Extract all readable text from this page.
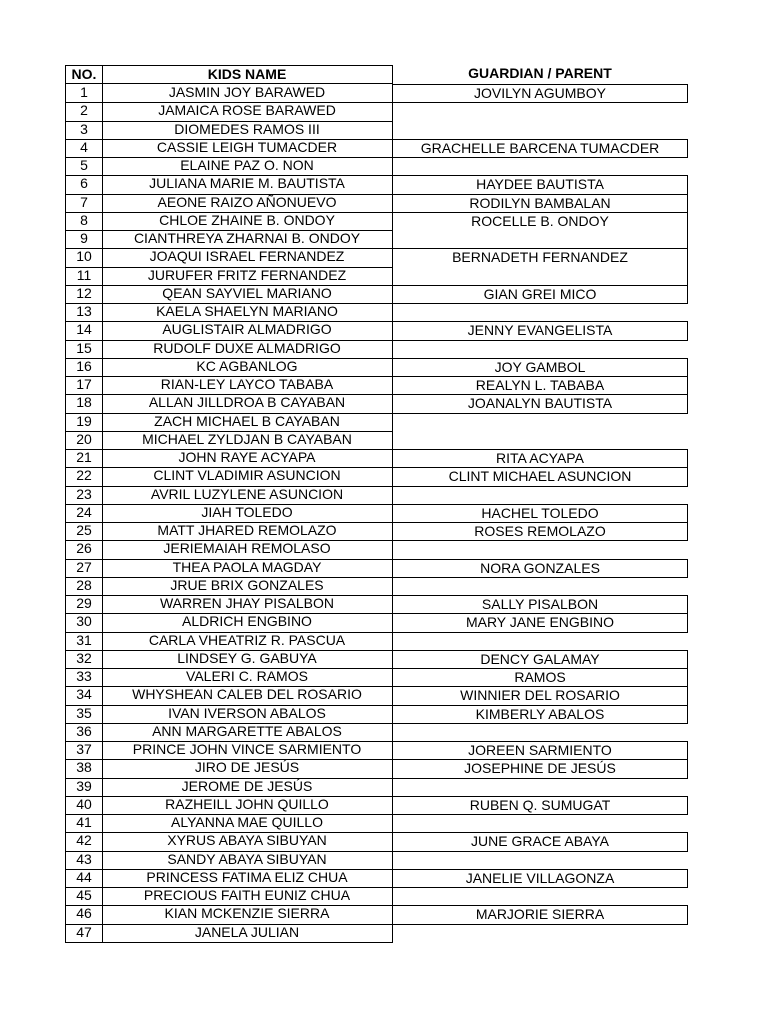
NO.	KIDS NAME	GUARDIAN / PARENT
1	JASMIN JOY BARAWED	JOVILYN AGUMBOY
2	JAMAICA ROSE BARAWED
3	DIOMEDES RAMOS III
4	CASSIE LEIGH TUMACDER	GRACHELLE BARCENA TUMACDER
5	ELAINE PAZ O. NON
6	JULIANA MARIE M. BAUTISTA	HAYDEE BAUTISTA
7	AEONE RAIZO AÑONUEVO	RODILYN BAMBALAN
8	CHLOE ZHAINE B. ONDOY	ROCELLE B. ONDOY
9	CIANTHREYA ZHARNAI B. ONDOY
10	JOAQUI ISRAEL FERNANDEZ	BERNADETH FERNANDEZ
11	JURUFER FRITZ FERNANDEZ
12	QEAN SAYVIEL MARIANO	GIAN GREI MICO
13	KAELA SHAELYN MARIANO
14	AUGLISTAIR ALMADRIGO	JENNY EVANGELISTA
15	RUDOLF DUXE ALMADRIGO
16	KC AGBANLOG	JOY GAMBOL
17	RIAN-LEY LAYCO TABABA	REALYN L. TABABA
18	ALLAN JILLDROA B CAYABAN	JOANALYN BAUTISTA
19	ZACH MICHAEL B CAYABAN
20	MICHAEL ZYLDJAN B CAYABAN
21	JOHN RAYE ACYAPA	RITA ACYAPA
22	CLINT VLADIMIR ASUNCION	CLINT MICHAEL ASUNCION
23	AVRIL LUZYLENE ASUNCION
24	JIAH TOLEDO	HACHEL TOLEDO
25	MATT JHARED REMOLAZO	ROSES REMOLAZO
26	JERIEMAIAH REMOLASO
27	THEA PAOLA MAGDAY	NORA GONZALES
28	JRUE BRIX GONZALES
29	WARREN JHAY PISALBON	SALLY PISALBON
30	ALDRICH ENGBINO	MARY JANE ENGBINO
31	CARLA VHEATRIZ R. PASCUA
32	LINDSEY G. GABUYA	DENCY GALAMAY
33	VALERI C. RAMOS	RAMOS
34	WHYSHEAN CALEB DEL ROSARIO	WINNIER DEL ROSARIO
35	IVAN IVERSON ABALOS	KIMBERLY ABALOS
36	ANN MARGARETTE ABALOS
37	PRINCE JOHN VINCE SARMIENTO	JOREEN SARMIENTO
38	JIRO DE JESÚS	JOSEPHINE DE JESÚS
39	JEROME DE JESÚS
40	RAZHEILL JOHN QUILLO	RUBEN Q. SUMUGAT
41	ALYANNA MAE QUILLO
42	XYRUS ABAYA SIBUYAN	JUNE GRACE ABAYA
43	SANDY ABAYA SIBUYAN
44	PRINCESS FATIMA ELIZ CHUA	JANELIE VILLAGONZA
45	PRECIOUS FAITH EUNIZ CHUA
46	KIAN MCKENZIE SIERRA	MARJORIE SIERRA
47	JANELA JULIAN
